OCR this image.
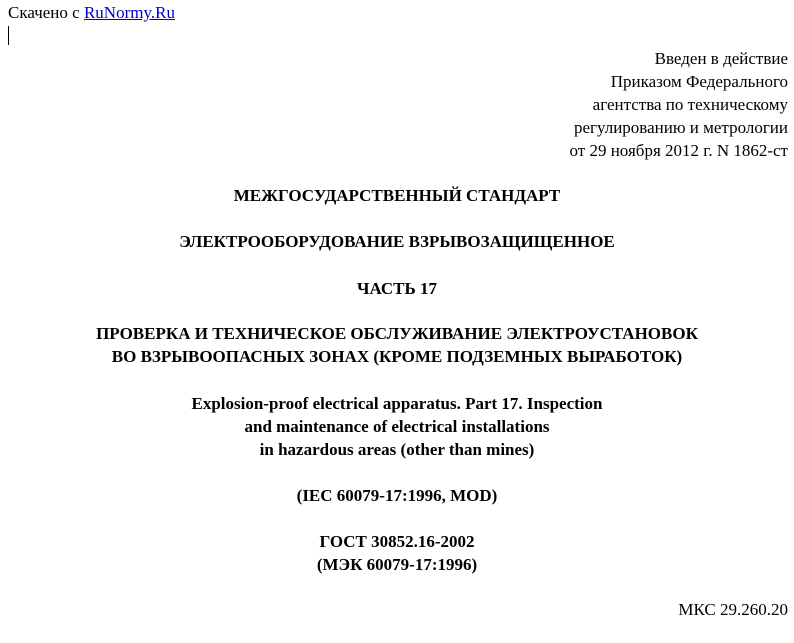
Скачено с RuNormy.Ru
Введен в действие
Приказом Федерального
агентства по техническому
регулированию и метрологии
от 29 ноября 2012 г. N 1862-ст
МЕЖГОСУДАРСТВЕННЫЙ СТАНДАРТ
ЭЛЕКТРООБОРУДОВАНИЕ ВЗРЫВОЗАЩИЩЕННОЕ
ЧАСТЬ 17
ПРОВЕРКА И ТЕХНИЧЕСКОЕ ОБСЛУЖИВАНИЕ ЭЛЕКТРОУСТАНОВОК
ВО ВЗРЫВООПАСНЫХ ЗОНАХ (КРОМЕ ПОДЗЕМНЫХ ВЫРАБОТОК)
Explosion-proof electrical apparatus. Part 17. Inspection
and maintenance of electrical installations
in hazardous areas (other than mines)
(IEC 60079-17:1996, MOD)
ГОСТ 30852.16-2002
(МЭК 60079-17:1996)
МКС 29.260.20
